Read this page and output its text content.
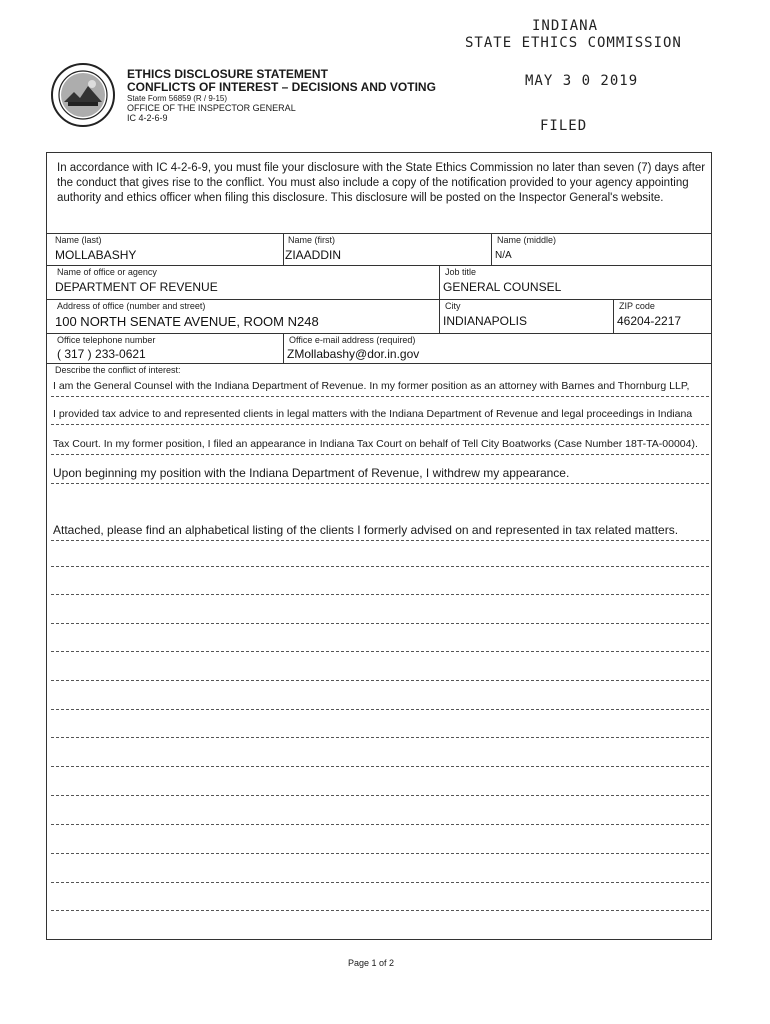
INDIANA
STATE ETHICS COMMISSION
MAY 3 0 2019
FILED
ETHICS DISCLOSURE STATEMENT
CONFLICTS OF INTEREST – DECISIONS AND VOTING
State Form 56859 (R / 9-15)
OFFICE OF THE INSPECTOR GENERAL
IC 4-2-6-9
In accordance with IC 4-2-6-9, you must file your disclosure with the State Ethics Commission no later than seven (7) days after the conduct that gives rise to the conflict. You must also include a copy of the notification provided to your agency appointing authority and ethics officer when filing this disclosure. This disclosure will be posted on the Inspector General's website.
Name (last)
MOLLABASHY
Name (first)
ZIAADDIN
Name (middle)
N/A
Name of office or agency
DEPARTMENT OF REVENUE
Job title
GENERAL COUNSEL
Address of office (number and street)
100 NORTH SENATE AVENUE, ROOM N248
City
INDIANAPOLIS
ZIP code
46204-2217
Office telephone number
( 317 ) 233-0621
Office e-mail address (required)
ZMollabashy@dor.in.gov
Describe the conflict of interest:
I am the General Counsel with the Indiana Department of Revenue. In my former position as an attorney with Barnes and Thornburg LLP,
I provided tax advice to and represented clients in legal matters with the Indiana Department of Revenue and legal proceedings in Indiana
Tax Court. In my former position, I filed an appearance in Indiana Tax Court on behalf of Tell City Boatworks (Case Number 18T-TA-00004).
Upon beginning my position with the Indiana Department of Revenue, I withdrew my appearance.
Attached, please find an alphabetical listing of the clients I formerly advised on and represented in tax related matters.
Page 1 of 2
